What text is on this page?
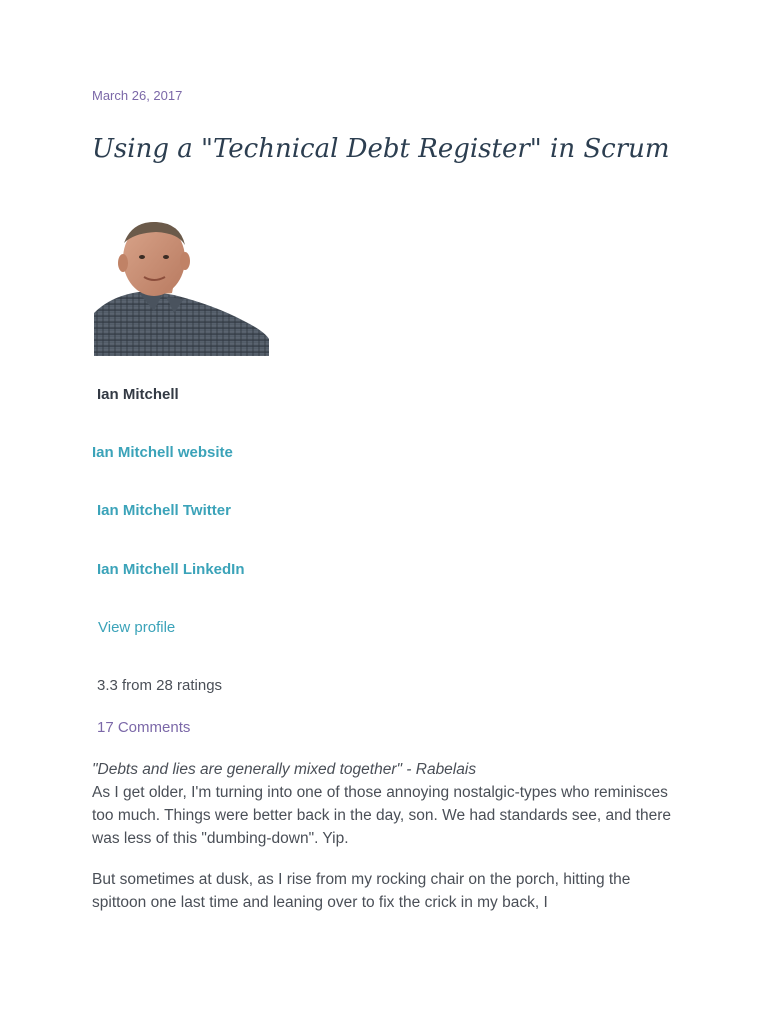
March 26, 2017
Using a "Technical Debt Register" in Scrum
Ian Mitchell
Ian Mitchell website
Ian Mitchell Twitter
Ian Mitchell LinkedIn
View profile
3.3 from 28 ratings
17 Comments
"Debts and lies are generally mixed together" - Rabelais

As I get older, I'm turning into one of those annoying nostalgic-types who reminisces too much. Things were better back in the day, son. We had standards see, and there was less of this "dumbing-down". Yip.

But sometimes at dusk, as I rise from my rocking chair on the porch, hitting the spittoon one last time and leaning over to fix the crick in my back, I
